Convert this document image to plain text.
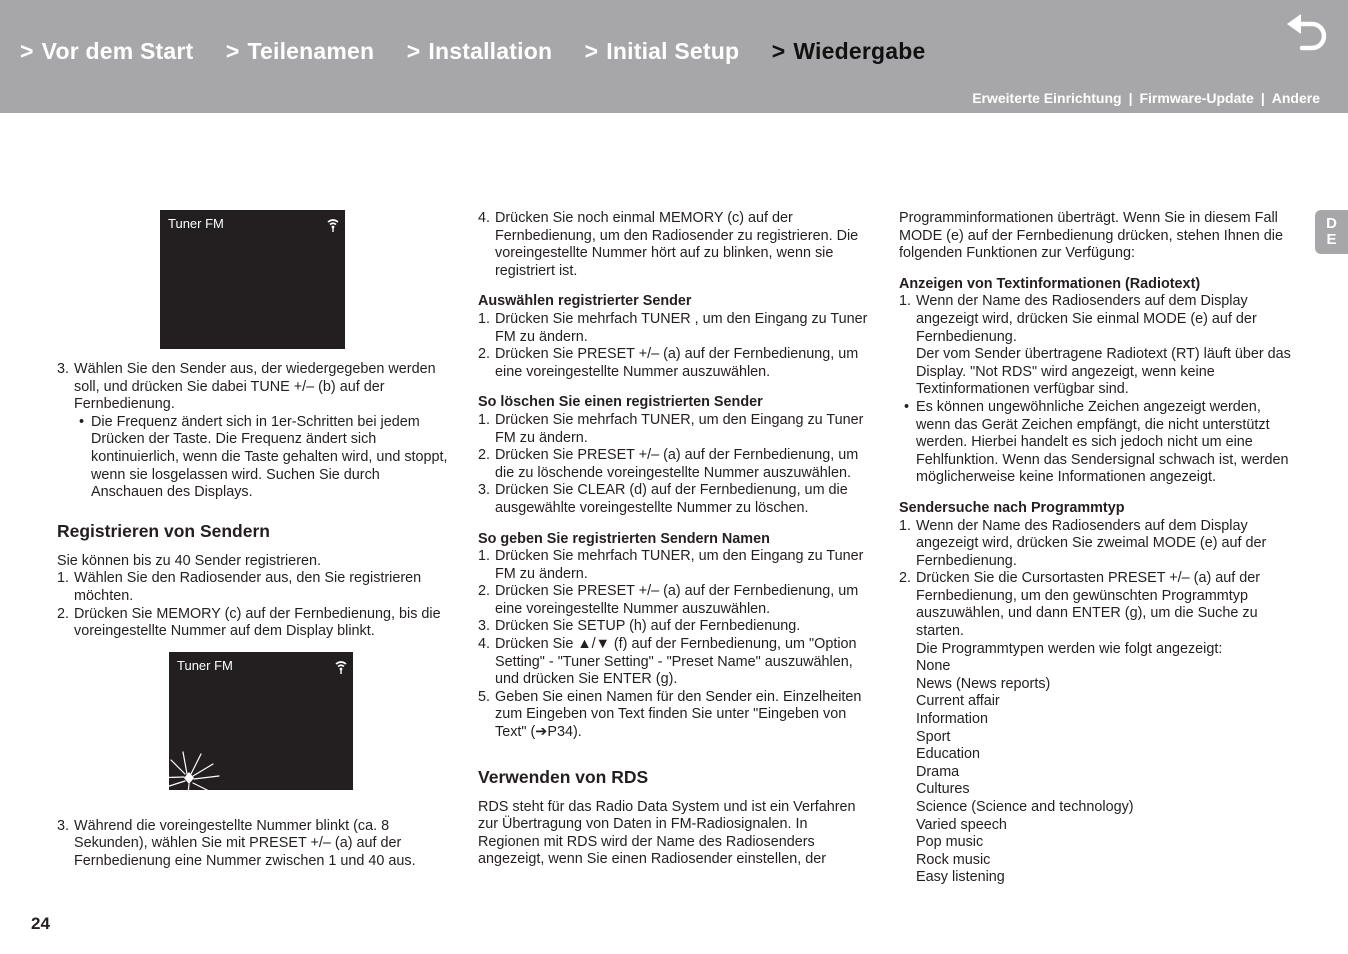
> Vor dem Start > Teilenamen > Installation > Initial Setup > Wiedergabe
Erweiterte Einrichtung | Firmware-Update | Andere
D
E
Tuner FM
3. Wählen Sie den Sender aus, der wiedergegeben werden soll, und drücken Sie dabei TUNE +/– (b) auf der Fernbedienung.
• Die Frequenz ändert sich in 1er-Schritten bei jedem Drücken der Taste. Die Frequenz ändert sich kontinuierlich, wenn die Taste gehalten wird, und stoppt, wenn sie losgelassen wird. Suchen Sie durch Anschauen des Displays.
Registrieren von Sendern

Sie können bis zu 40 Sender registrieren.

1. Wählen Sie den Radiosender aus, den Sie registrieren möchten.
2. Drücken Sie MEMORY (c) auf der Fernbedienung, bis die voreingestellte Nummer auf dem Display blinkt.
Tuner FM
3. Während die voreingestellte Nummer blinkt (ca. 8 Sekunden), wählen Sie mit PRESET +/– (a) auf der Fernbedienung eine Nummer zwischen 1 und 40 aus.
4. Drücken Sie noch einmal MEMORY (c) auf der Fernbedienung, um den Radiosender zu registrieren. Die voreingestellte Nummer hört auf zu blinken, wenn sie registriert ist.
Auswählen registrierter Sender
1. Drücken Sie mehrfach TUNER , um den Eingang zu Tuner FM zu ändern.
2. Drücken Sie PRESET +/– (a) auf der Fernbedienung, um eine voreingestellte Nummer auszuwählen.
So löschen Sie einen registrierten Sender
1. Drücken Sie mehrfach TUNER, um den Eingang zu Tuner FM zu ändern.
2. Drücken Sie PRESET +/– (a) auf der Fernbedienung, um die zu löschende voreingestellte Nummer auszuwählen.
3. Drücken Sie CLEAR (d) auf der Fernbedienung, um die ausgewählte voreingestellte Nummer zu löschen.
So geben Sie registrierten Sendern Namen
1. Drücken Sie mehrfach TUNER, um den Eingang zu Tuner FM zu ändern.
2. Drücken Sie PRESET +/– (a) auf der Fernbedienung, um eine voreingestellte Nummer auszuwählen.
3. Drücken Sie SETUP (h) auf der Fernbedienung.
4. Drücken Sie ▲/▼ (f) auf der Fernbedienung, um "Option Setting" - "Tuner Setting" - "Preset Name" auszuwählen, und drücken Sie ENTER (g).
5. Geben Sie einen Namen für den Sender ein. Einzelheiten zum Eingeben von Text finden Sie unter "Eingeben von Text" (➔P34).
Verwenden von RDS

RDS steht für das Radio Data System und ist ein Verfahren zur Übertragung von Daten in FM-Radiosignalen. In Regionen mit RDS wird der Name des Radiosenders angezeigt, wenn Sie einen Radiosender einstellen, der

Programminformationen überträgt. Wenn Sie in diesem Fall MODE (e) auf der Fernbedienung drücken, stehen Ihnen die folgenden Funktionen zur Verfügung:

Anzeigen von Textinformationen (Radiotext)
1. Wenn der Name des Radiosenders auf dem Display angezeigt wird, drücken Sie einmal MODE (e) auf der Fernbedienung.

Der vom Sender übertragene Radiotext (RT) läuft über das Display. "Not RDS" wird angezeigt, wenn keine Textinformationen verfügbar sind.

• Es können ungewöhnliche Zeichen angezeigt werden, wenn das Gerät Zeichen empfängt, die nicht unterstützt werden. Hierbei handelt es sich jedoch nicht um eine Fehlfunktion. Wenn das Sendersignal schwach ist, werden möglicherweise keine Informationen angezeigt.
Sendersuche nach Programmtyp
1. Wenn der Name des Radiosenders auf dem Display angezeigt wird, drücken Sie zweimal MODE (e) auf der Fernbedienung.
2. Drücken Sie die Cursortasten PRESET +/– (a) auf der Fernbedienung, um den gewünschten Programmtyp auszuwählen, und dann ENTER (g), um die Suche zu starten.

Die Programmtypen werden wie folgt angezeigt:

None
News (News reports)
Current affair
Information
Sport
Education
Drama
Cultures
Science (Science and technology)
Varied speech
Pop music
Rock music
Easy listening
24
